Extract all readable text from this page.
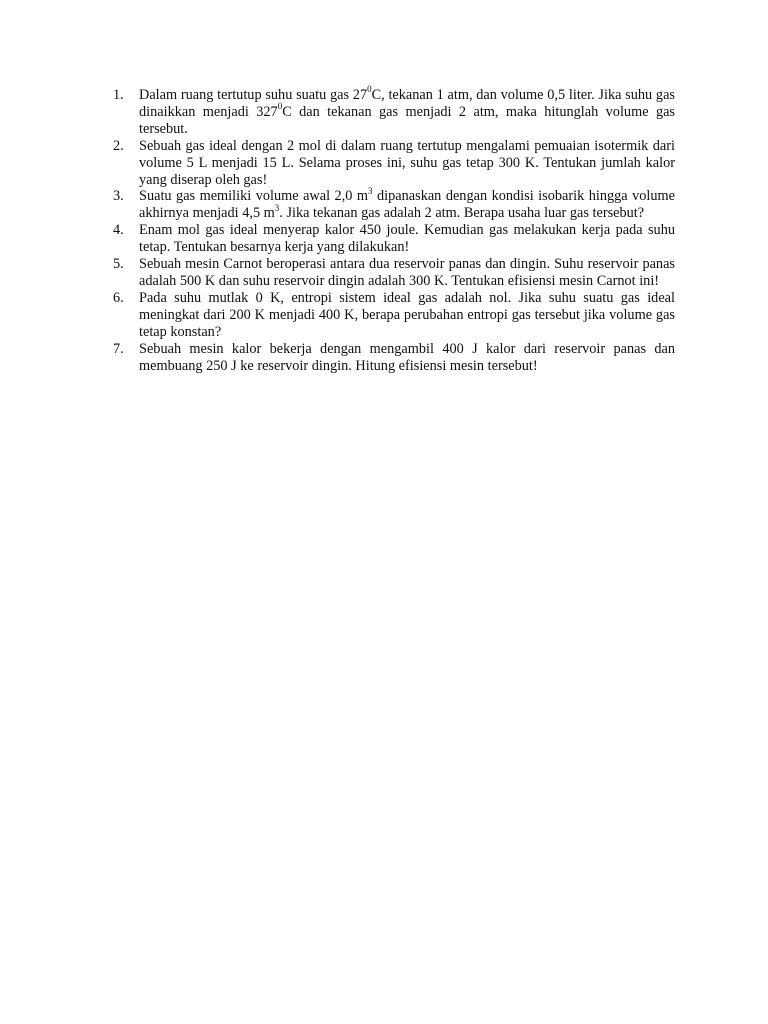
1.	Dalam ruang tertutup suhu suatu gas $27^0C$, tekanan 1 atm, dan volume 0,5 liter. Jika suhu gas dinaikkan menjadi $327^0C$ dan tekanan gas menjadi 2 atm, maka hitunglah volume gas tersebut.
2.	Sebuah gas ideal dengan 2 mol di dalam ruang tertutup mengalami pemuaian isotermik dari volume 5 L menjadi 15 L. Selama proses ini, suhu gas tetap 300 K. Tentukan jumlah kalor yang diserap oleh gas!
3.	Suatu gas memiliki volume awal 2,0 $m^3$ dipanaskan dengan kondisi isobarik hingga volume akhirnya menjadi 4,5 $m^3$. Jika tekanan gas adalah 2 atm. Berapa usaha luar gas tersebut?
4.	Enam mol gas ideal menyerap kalor 450 joule. Kemudian gas melakukan kerja pada suhu tetap. Tentukan besarnya kerja yang dilakukan!
5.	Sebuah mesin Carnot beroperasi antara dua reservoir panas dan dingin. Suhu reservoir panas adalah 500 K dan suhu reservoir dingin adalah 300 K. Tentukan efisiensi mesin Carnot ini!
6.	Pada suhu mutlak 0 K, entropi sistem ideal gas adalah nol. Jika suhu suatu gas ideal meningkat dari 200 K menjadi 400 K, berapa perubahan entropi gas tersebut jika volume gas tetap konstan?
7.	Sebuah mesin kalor bekerja dengan mengambil 400 J kalor dari reservoir panas dan membuang 250 J ke reservoir dingin. Hitung efisiensi mesin tersebut!
